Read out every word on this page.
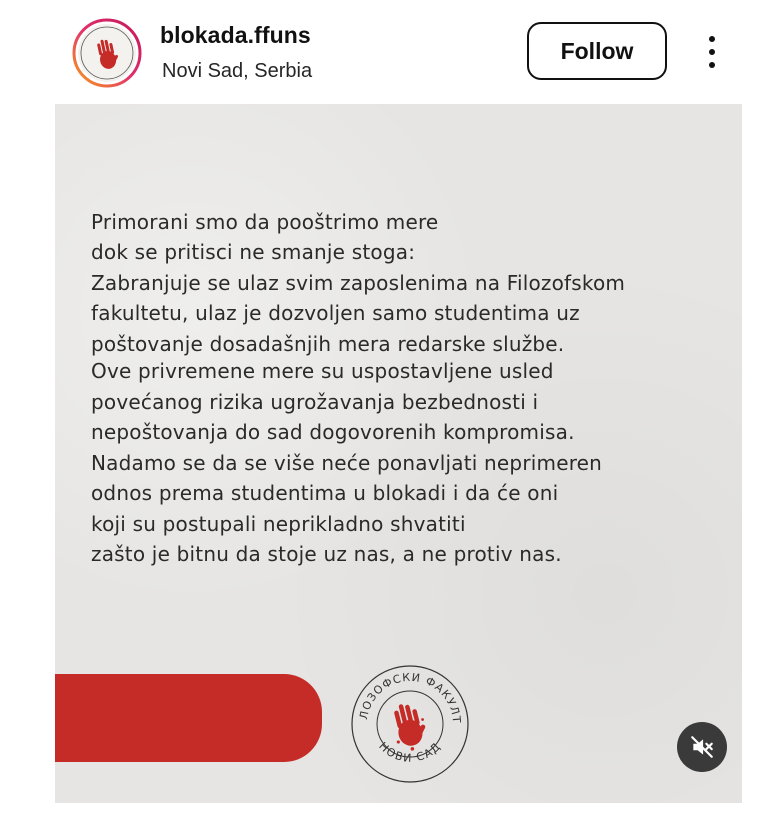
blokada.ffuns
Novi Sad, Serbia
Follow

Primorani smo da pooštrimo mere
dok se pritisci ne smanje stoga:
Zabranjuje se ulaz svim zaposlenima na Filozofskom
fakultetu, ulaz je dozvoljen samo studentima uz
poštovanje dosadašnjih mera redarske službe.

Ove privremene mere su uspostavljene usled
povećanog rizika ugrožavanja bezbednosti i
nepoštovanja do sad dogovorenih kompromisa.
Nadamo se da se više neće ponavljati neprimeren
odnos prema studentima u blokadi i da će oni
koji su postupali neprikladno shvatiti
zašto je bitnu da stoje uz nas, a ne protiv nas.

ЛОЗОФСКИ ФАКУЛТ
НОВИ САД
